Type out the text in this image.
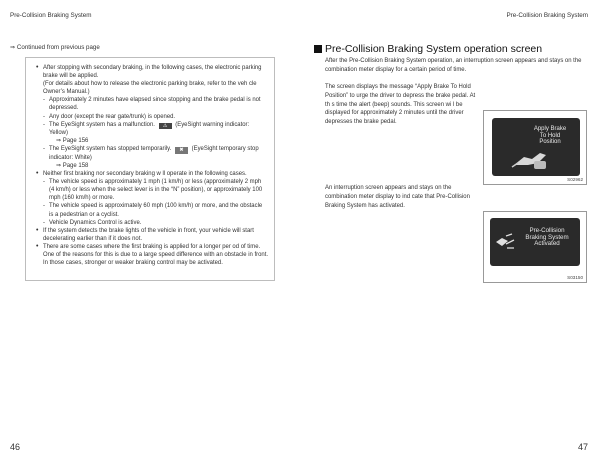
Pre-Collision Braking System	Pre-Collision Braking System
⇒ Continued from previous page
• After stopping with secondary braking, in the following cases, the electronic parking brake will be applied.
(For details about how to release the electronic parking brake, refer to the veh cle Owner’s Manual.)
- Approximately 2 minutes have elapsed since stopping and the brake pedal is not depressed.
- Any door (except the rear gate/trunk) is opened.
- The EyeSight system has a malfunction. ⚠ (EyeSight warning indicator: Yellow)
⇒ Page 156
- The EyeSight system has stopped temporarily. ✖ (EyeSight temporary stop indicator: White)
⇒ Page 158
• Neither first braking nor secondary braking w ll operate in the following cases.
- The vehicle speed is approximately 1 mph (1 km/h) or less (approximately 2 mph (4 km/h) or less when the select lever is in the “N” position), or approximately 100 mph (160 km/h) or more.
- The vehicle speed is approximately 60 mph (100 km/h) or more, and the obstacle is a pedestrian or a cyclist.
- Vehicle Dynamics Control is active.
• If the system detects the brake lights of the vehicle in front, your vehicle will start decelerating earlier than if it does not.
• There are some cases where the first braking is applied for a longer per od of time. One of the reasons for this is due to a large speed difference with an obstacle in front. In those cases, stronger or weaker braking control may be activated.
Pre-Collision Braking System operation screen
After the Pre-Collision Braking System operation, an interruption screen appears and stays on the combination meter display for a certain period of time.
The screen displays the message “Apply Brake To Hold Position” to urge the driver to depress the brake pedal. At th s time the alert (beep) sounds. This screen wi l be displayed for approximately 2 minutes until the driver depresses the brake pedal.
An interruption screen appears and stays on the combination meter display to ind cate that Pre-Collision Braking System has activated.
Apply Brake
To Hold
Position
S02962
Pre-Collision
Braking System
Activated
S03150
46	47
